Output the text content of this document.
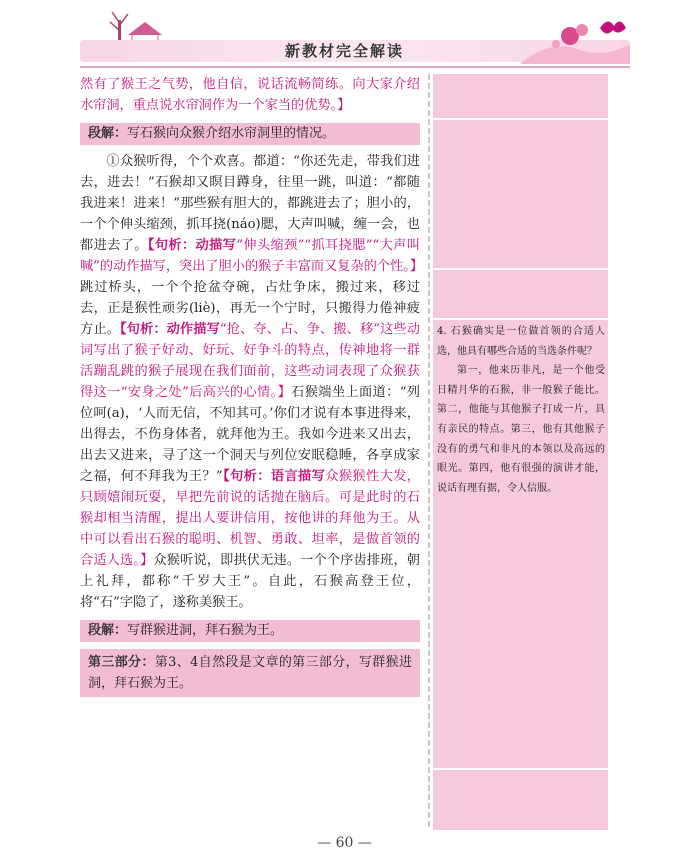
新教材完全解读

然有了猴王之气势，他自信，说话流畅简练。向大家介绍水帘洞，重点说水帘洞作为一个家当的优势。】

段解：写石猴向众猴介绍水帘洞里的情况。

①众猴听得，个个欢喜。都道：“你还先走，带我们进去，进去！”石猴却又瞑目蹲身，往里一跳，叫道：“都随我进来！进来！”那些猴有胆大的，都跳进去了；胆小的，一个个伸头缩颈，抓耳挠(náo)腮，大声叫喊，缠一会，也都进去了。【句析：动描写“伸头缩颈”“抓耳挠腮”“大声叫喊”的动作描写，突出了胆小的猴子丰富而又复杂的个性。】跳过桥头，一个个抢盆夺碗，占灶争床，搬过来，移过去，正是猴性顽劣(liè)，再无一个宁时，只搬得力倦神疲方止。【句析：动作描写“抢、夺、占、争、搬、移”这些动词写出了猴子好动、好玩、好争斗的特点，传神地将一群活蹦乱跳的猴子展现在我们面前，这些动词表现了众猴获得这一“安身之处”后高兴的心情。】石猴端坐上面道：“列位呵(a)，‘人而无信，不知其可。’你们才说有本事进得来，出得去，不伤身体者，就拜他为王。我如今进来又出去，出去又进来，寻了这一个洞天与列位安眠稳睡，各享成家之福，何不拜我为王？”【句析：语言描写众猴猴性大发，只顾嬉闹玩耍，早把先前说的话抛在脑后。可是此时的石猴却相当清醒，提出人要讲信用，按他讲的拜他为王。从中可以看出石猴的聪明、机智、勇敢、坦率，是做首领的合适人选。】众猴听说，即拱伏无违。一个个序齿排班，朝上礼拜，都称“千岁大王”。自此，石猴高登王位，将“石”字隐了，遂称美猴王。

段解：写群猴进洞，拜石猴为王。
第三部分：第3、4自然段是文章的第三部分，写群猴进洞，拜石猴为王。

4. 石猴确实是一位做首领的合适人选，他具有哪些合适的当选条件呢？

第一，他来历非凡，是一个他受日精月华的石猴，非一般猴子能比。第二，他能与其他猴子打成一片，具有亲民的特点。第三，他有其他猴子没有的勇气和非凡的本领以及高远的眼光。第四，他有很强的演讲才能，说话有理有据，令人信服。

— 60 —
